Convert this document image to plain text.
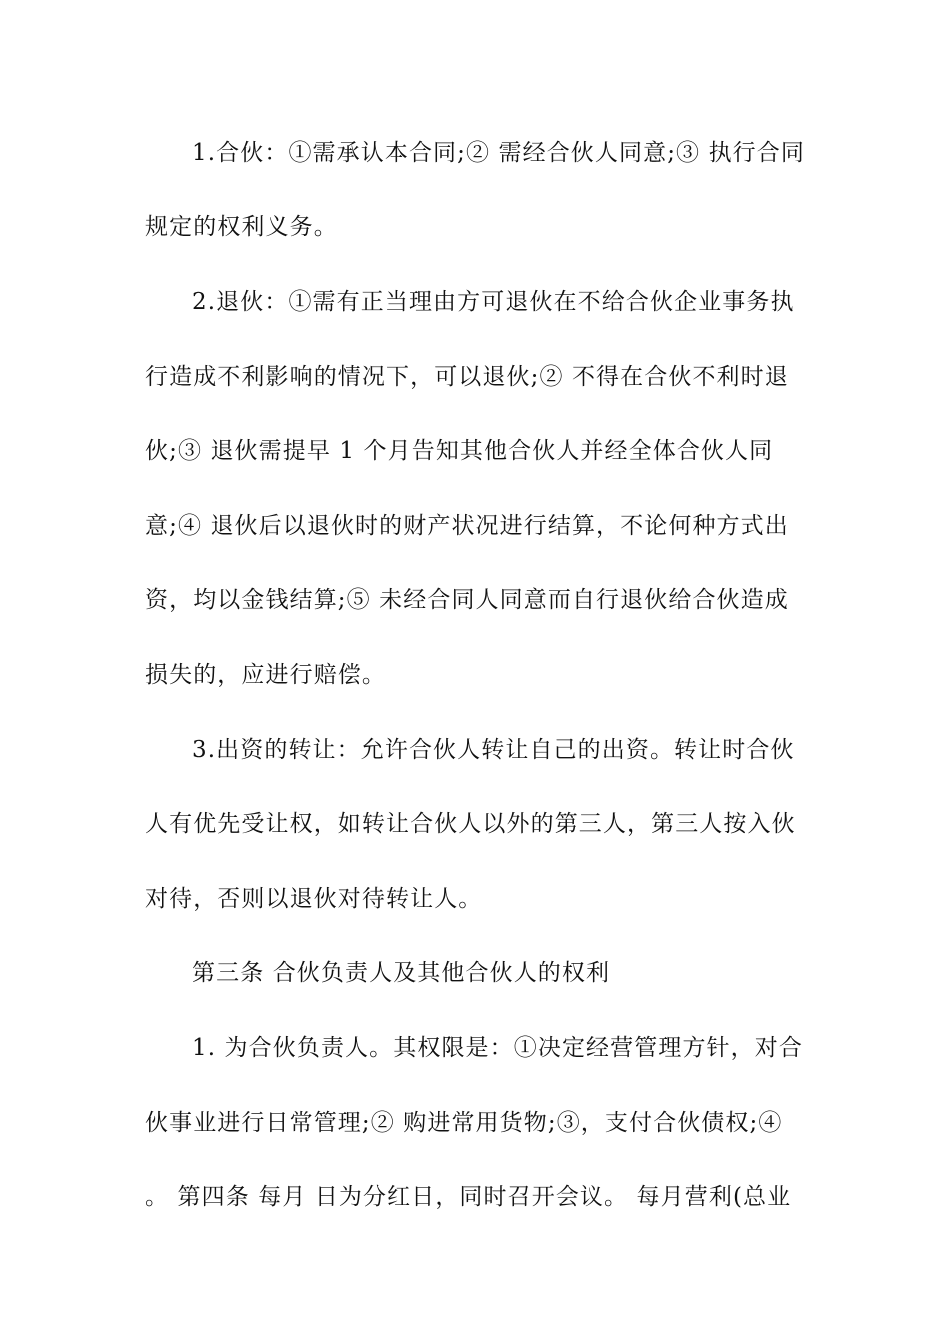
1.合伙：①需承认本合同;② 需经合伙人同意;③ 执行合同
规定的权利义务。
2.退伙：①需有正当理由方可退伙在不给合伙企业事务执
行造成不利影响的情况下，可以退伙;② 不得在合伙不利时退
伙;③ 退伙需提早 1 个月告知其他合伙人并经全体合伙人同
意;④ 退伙后以退伙时的财产状况进行结算，不论何种方式出
资，均以金钱结算;⑤ 未经合同人同意而自行退伙给合伙造成
损失的，应进行赔偿。
3.出资的转让：允许合伙人转让自己的出资。转让时合伙
人有优先受让权，如转让合伙人以外的第三人，第三人按入伙
对待，否则以退伙对待转让人。
第三条 合伙负责人及其他合伙人的权利
1. 为合伙负责人。其权限是：①决定经营管理方针，对合
伙事业进行日常管理;② 购进常用货物;③，支付合伙债权;④
。 第四条 每月 日为分红日，同时召开会议。 每月营利(总业
